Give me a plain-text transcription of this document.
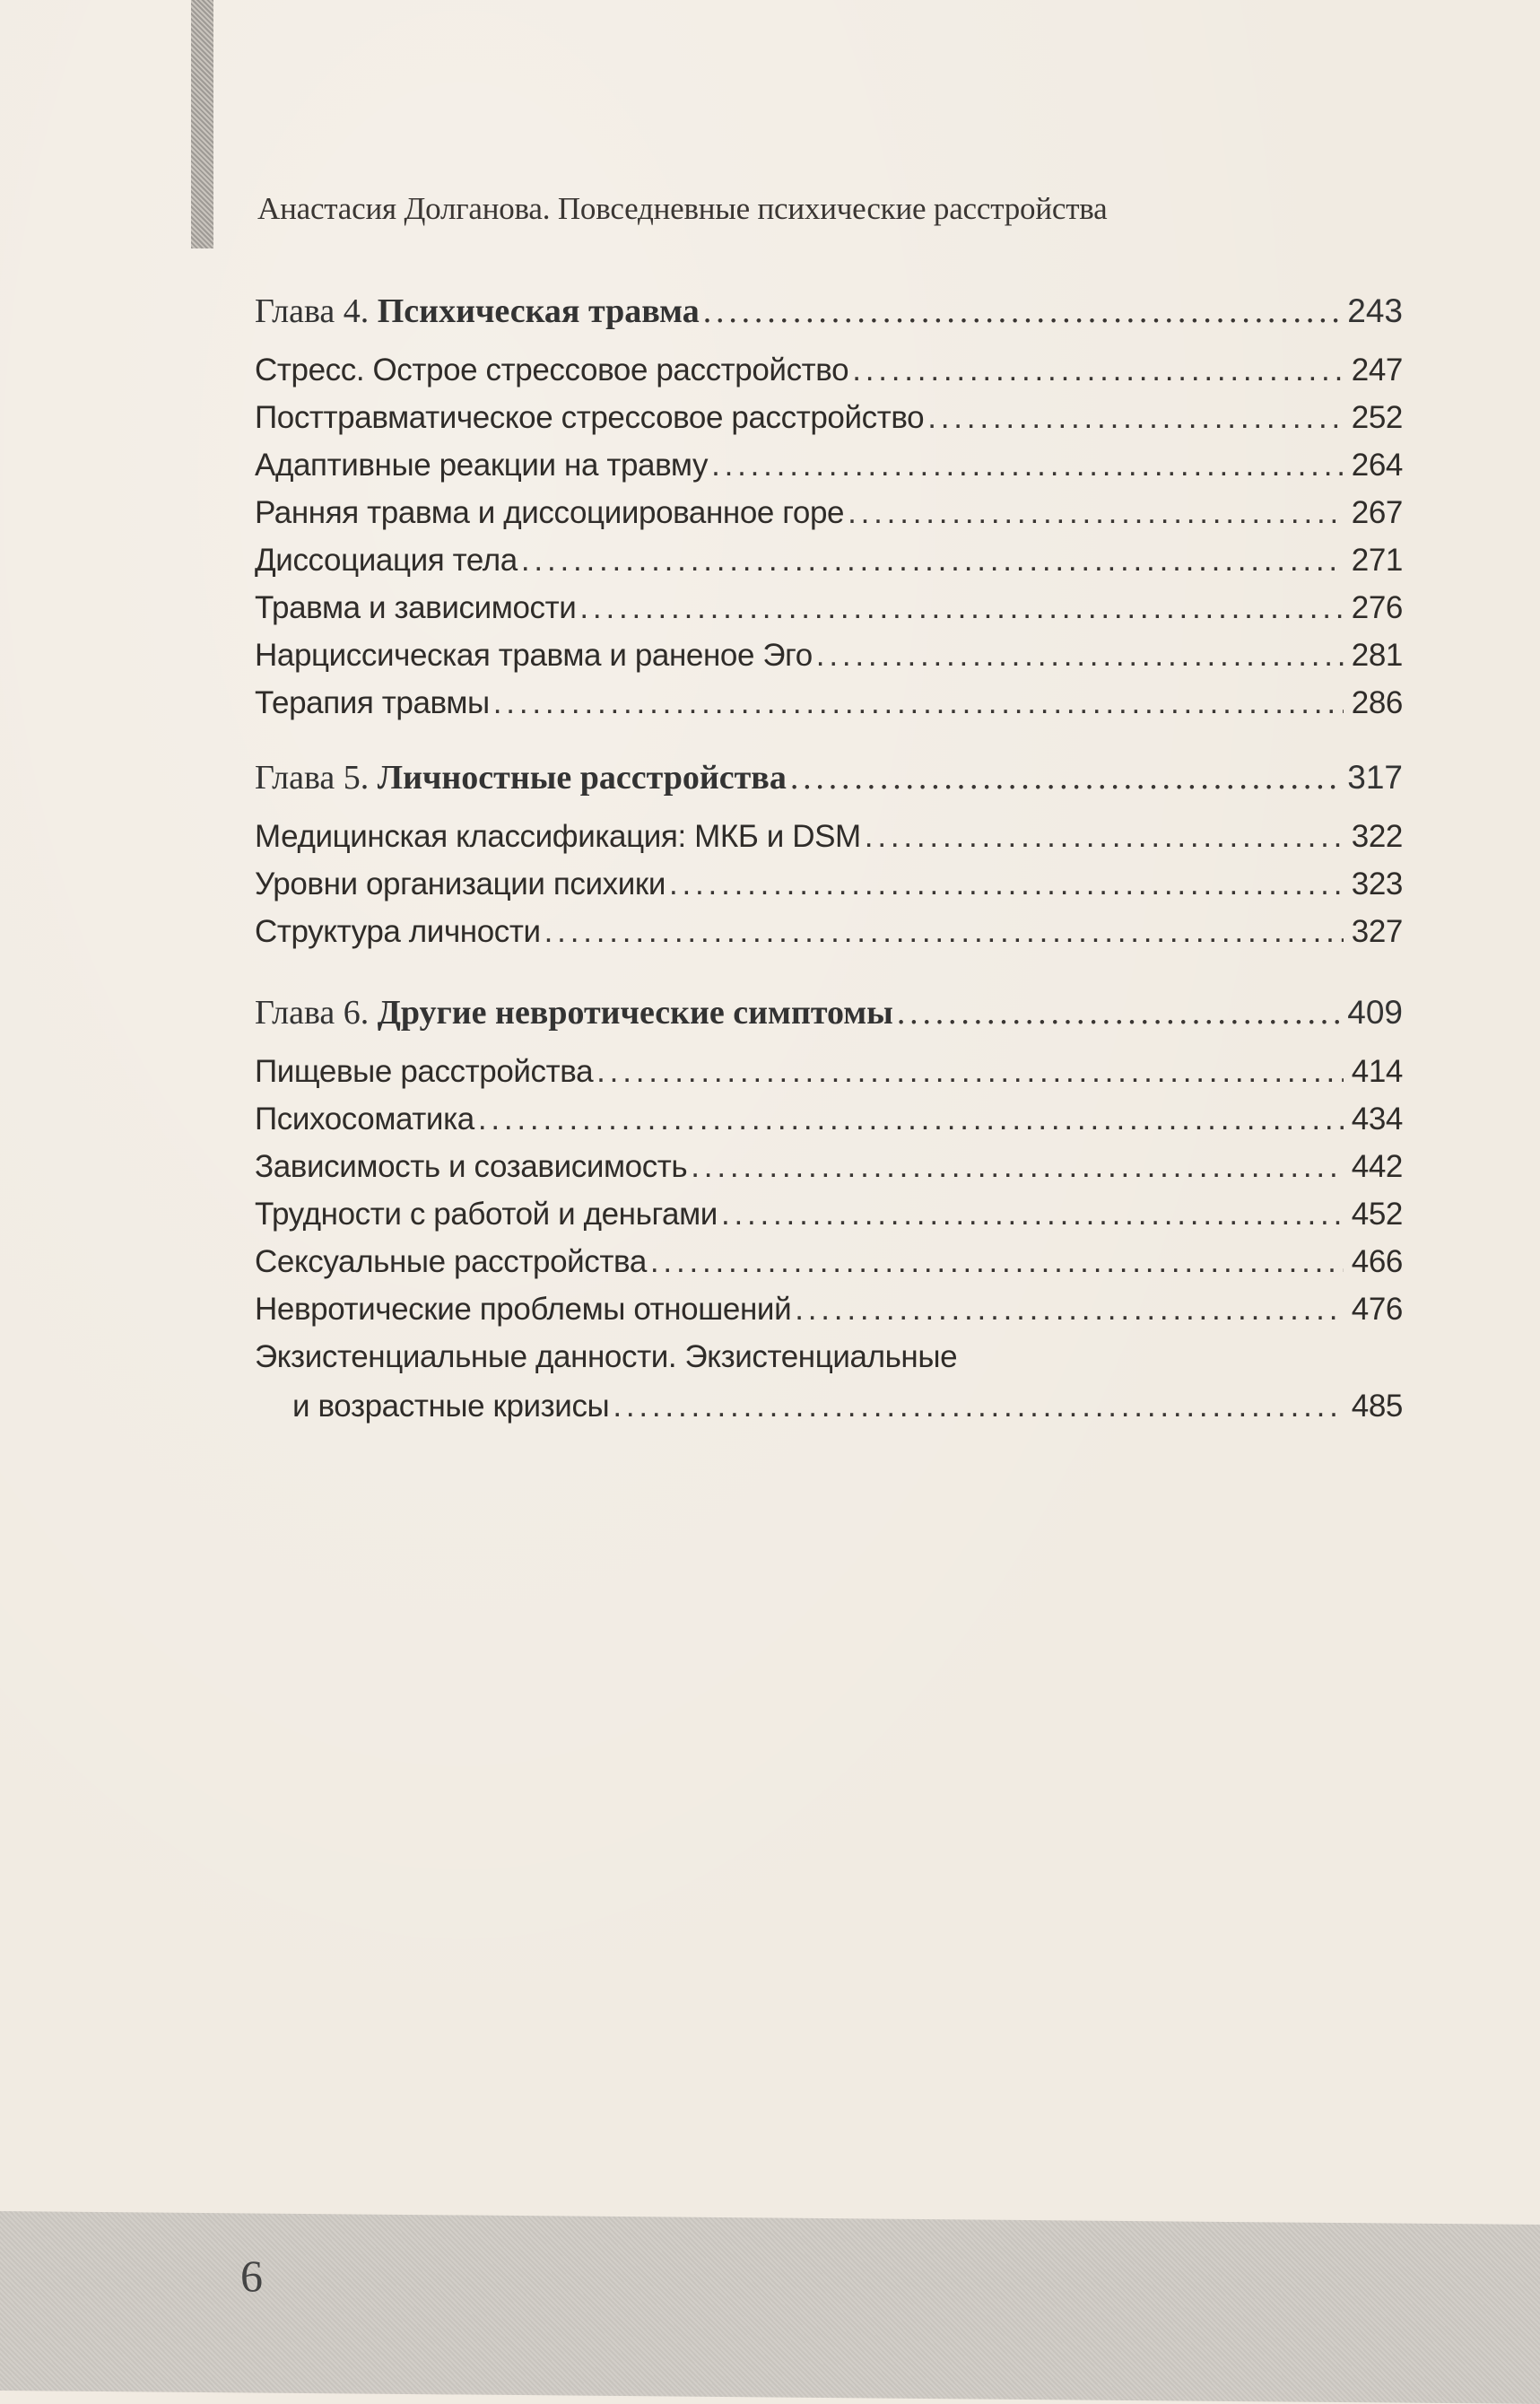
Анастасия Долганова. Повседневные психические расстройства
Глава 4. Психическая травма .....	243
Стресс. Острое стрессовое расстройство .....	247
Посттравматическое стрессовое расстройство .....	252
Адаптивные реакции на травму .....	264
Ранняя травма и диссоциированное горе .....	267
Диссоциация тела .....	271
Травма и зависимости .....	276
Нарциссическая травма и раненое Эго .....	281
Терапия травмы .....	286
Глава 5. Личностные расстройства .....	317
Медицинская классификация: МКБ и DSM .....	322
Уровни организации психики .....	323
Структура личности .....	327
Глава 6. Другие невротические симптомы .....	409
Пищевые расстройства .....	414
Психосоматика .....	434
Зависимость и созависимость .....	442
Трудности с работой и деньгами .....	452
Сексуальные расстройства .....	466
Невротические проблемы отношений .....	476
Экзистенциальные данности. Экзистенциальные
и возрастные кризисы .....	485
6
